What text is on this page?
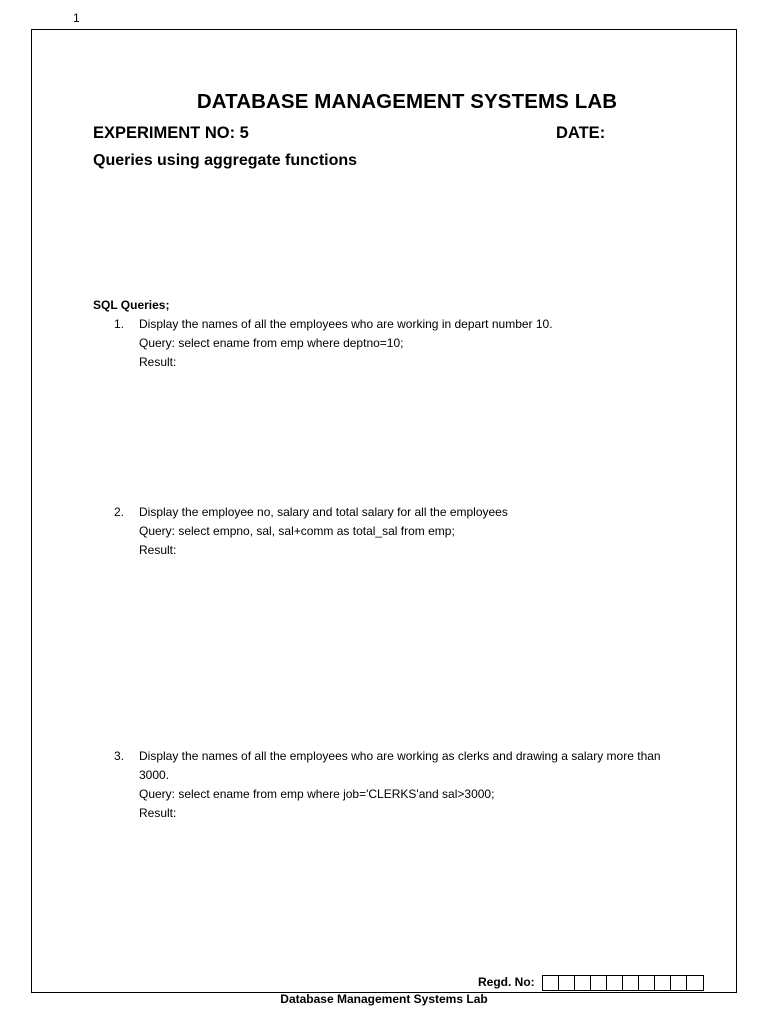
1
DATABASE MANAGEMENT SYSTEMS LAB
EXPERIMENT NO: 5	DATE:
Queries using aggregate functions
SQL Queries;
1. Display the names of all the employees who are working in depart number 10.
Query: select ename from emp where deptno=10;
Result:
2. Display the employee no, salary and total salary for all the employees
Query: select empno, sal, sal+comm as total_sal from emp;
Result:
3. Display the names of all the employees who are working as clerks and drawing a salary more than 3000.
Query: select ename from emp where job='CLERKS'and sal>3000;
Result:
Regd. No:
Database Management Systems Lab
